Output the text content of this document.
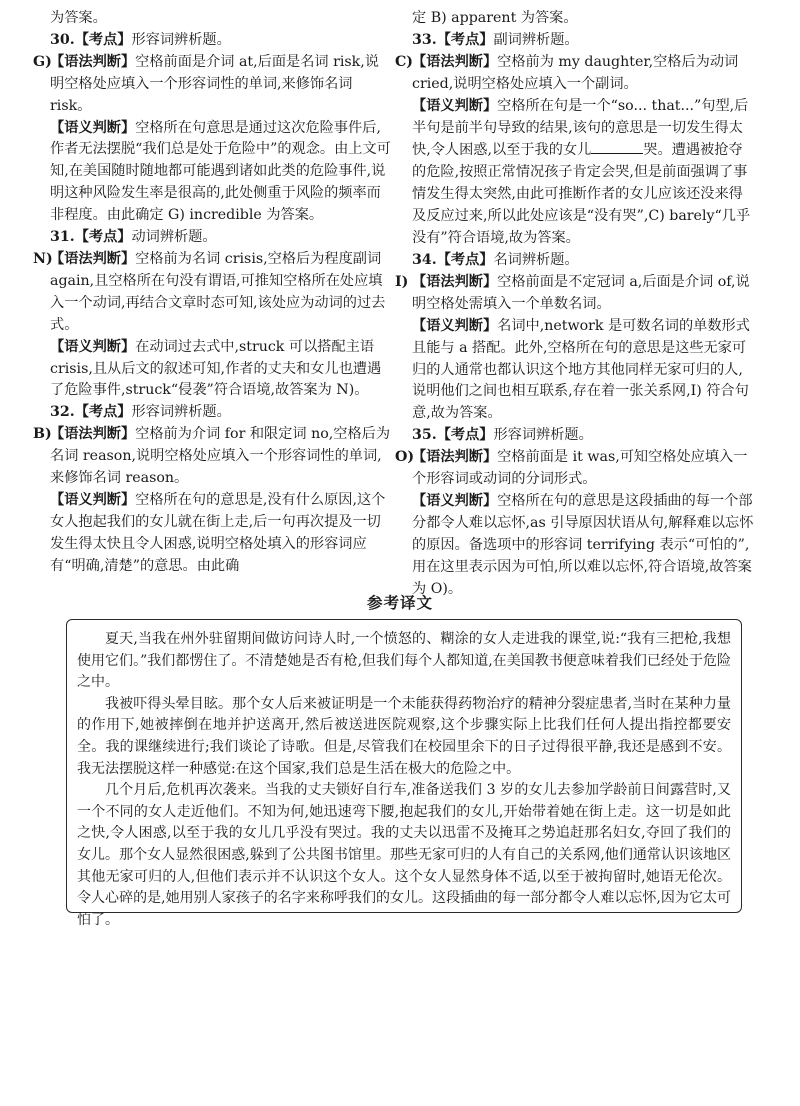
为答案。
30.【考点】形容词辨析题。
G)
【语法判断】空格前面是介词 at,后面是名词 risk,说明空格处应填入一个形容词性的单词,来修饰名词 risk。
【语义判断】空格所在句意思是通过这次危险事件后,作者无法摆脱“我们总是处于危险中”的观念。由上文可知,在美国随时随地都可能遇到诸如此类的危险事件,说明这种风险发生率是很高的,此处侧重于风险的频率而非程度。由此确定 G) incredible 为答案。
31.【考点】动词辨析题。
N)
【语法判断】空格前为名词 crisis,空格后为程度副词 again,且空格所在句没有谓语,可推知空格所在处应填入一个动词,再结合文章时态可知,该处应为动词的过去式。
【语义判断】在动词过去式中,struck 可以搭配主语 crisis,且从后文的叙述可知,作者的丈夫和女儿也遭遇了危险事件,struck“侵袭”符合语境,故答案为 N)。
32.【考点】形容词辨析题。
B)
【语法判断】空格前为介词 for 和限定词 no,空格后为名词 reason,说明空格处应填入一个形容词性的单词,来修饰名词 reason。
【语义判断】空格所在句的意思是,没有什么原因,这个女人抱起我们的女儿就在街上走,后一句再次提及一切发生得太快且令人困惑,说明空格处填入的形容词应有“明确,清楚”的意思。由此确
定 B) apparent 为答案。
33.【考点】副词辨析题。
C)
【语法判断】空格前为 my daughter,空格后为动词 cried,说明空格处应填入一个副词。
【语义判断】空格所在句是一个“so... that...”句型,后半句是前半句导致的结果,该句的意思是一切发生得太快,令人困惑,以至于我的女儿	哭。遭遇被抢夺的危险,按照正常情况孩子肯定会哭,但是前面强调了事情发生得太突然,由此可推断作者的女儿应该还没来得及反应过来,所以此处应该是“没有哭”,C) barely“几乎没有”符合语境,故为答案。
34.【考点】名词辨析题。
I) 【语法判断】空格前面是不定冠词 a,后面是介词 of,说明空格处需填入一个单数名词。
【语义判断】名词中,network 是可数名词的单数形式且能与 a 搭配。此外,空格所在句的意思是这些无家可归的人通常也都认识这个地方其他同样无家可归的人,说明他们之间也相互联系,存在着一张关系网,I) 符合句意,故为答案。
35.【考点】形容词辨析题。
O)
【语法判断】空格前面是 it was,可知空格处应填入一个形容词或动词的分词形式。
【语义判断】空格所在句的意思是这段插曲的每一个部分都令人难以忘怀,as 引导原因状语从句,解释难以忘怀的原因。备选项中的形容词 terrifying 表示“可怕的”,用在这里表示因为可怕,所以难以忘怀,符合语境,故答案为 O)。
参考译文

夏天,当我在州外驻留期间做访问诗人时,一个愤怒的、糊涂的女人走进我的课堂,说:“我有三把枪,我想使用它们。”我们都愣住了。不清楚她是否有枪,但我们每个人都知道,在美国教书便意味着我们已经处于危险之中。

我被吓得头晕目眩。那个女人后来被证明是一个未能获得药物治疗的精神分裂症患者,当时在某种力量的作用下,她被摔倒在地并护送离开,然后被送进医院观察,这个步骤实际上比我们任何人提出指控都要安全。我的课继续进行;我们谈论了诗歌。但是,尽管我们在校园里余下的日子过得很平静,我还是感到不安。我无法摆脱这样一种感觉:在这个国家,我们总是生活在极大的危险之中。

几个月后,危机再次袭来。当我的丈夫锁好自行车,准备送我们 3 岁的女儿去参加学龄前日间露营时,又一个不同的女人走近他们。不知为何,她迅速弯下腰,抱起我们的女儿,开始带着她在街上走。这一切是如此之快,令人困惑,以至于我的女儿几乎没有哭过。我的丈夫以迅雷不及掩耳之势追赶那名妇女,夺回了我们的女儿。那个女人显然很困惑,躲到了公共图书馆里。那些无家可归的人有自己的关系网,他们通常认识该地区其他无家可归的人,但他们表示并不认识这个女人。这个女人显然身体不适,以至于被拘留时,她语无伦次。令人心碎的是,她用别人家孩子的名字来称呼我们的女儿。这段插曲的每一部分都令人难以忘怀,因为它太可怕了。
